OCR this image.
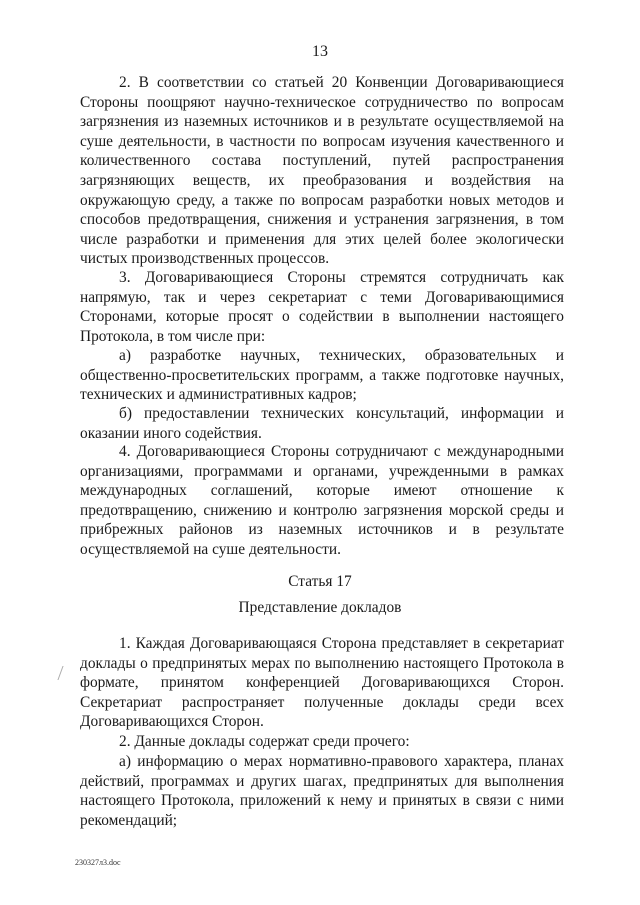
13
2. В соответствии со статьей 20 Конвенции Договаривающиеся Стороны поощряют научно-техническое сотрудничество по вопросам загрязнения из наземных источников и в результате осуществляемой на суше деятельности, в частности по вопросам изучения качественного и количественного состава поступлений, путей распространения загрязняющих веществ, их преобразования и воздействия на окружающую среду, а также по вопросам разработки новых методов и способов предотвращения, снижения и устранения загрязнения, в том числе разработки и применения для этих целей более экологически чистых производственных процессов.
3. Договаривающиеся Стороны стремятся сотрудничать как напрямую, так и через секретариат с теми Договаривающимися Сторонами, которые просят о содействии в выполнении настоящего Протокола, в том числе при:
а) разработке научных, технических, образовательных и общественно-просветительских программ, а также подготовке научных, технических и административных кадров;
б) предоставлении технических консультаций, информации и оказании иного содействия.
4. Договаривающиеся Стороны сотрудничают с международными организациями, программами и органами, учрежденными в рамках международных соглашений, которые имеют отношение к предотвращению, снижению и контролю загрязнения морской среды и прибрежных районов из наземных источников и в результате осуществляемой на суше деятельности.
Статья 17
Представление докладов
1. Каждая Договаривающаяся Сторона представляет в секретариат доклады о предпринятых мерах по выполнению настоящего Протокола в формате, принятом конференцией Договаривающихся Сторон. Секретариат распространяет полученные доклады среди всех Договаривающихся Сторон.
2. Данные доклады содержат среди прочего:
а) информацию о мерах нормативно-правового характера, планах действий, программах и других шагах, предпринятых для выполнения настоящего Протокола, приложений к нему и принятых в связи с ними рекомендаций;
230327л3.doc
